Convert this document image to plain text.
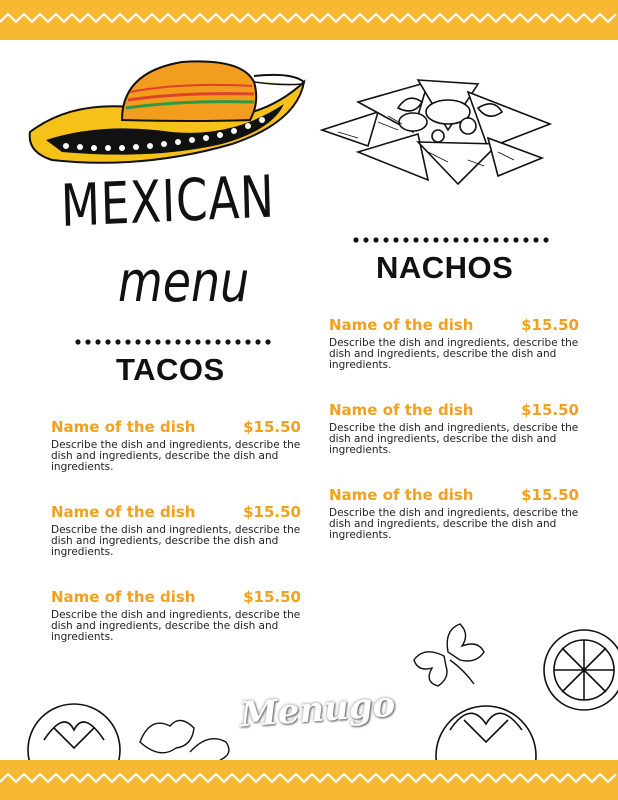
MEXICAN
menu	NACHOS
TACOS
Name of the dish	$15.50
Describe the dish and ingredients, describe the dish and ingredients, describe the dish and ingredients.
Name of the dish	$15.50
Describe the dish and ingredients, describe the dish and ingredients, describe the dish and ingredients.
Name of the dish	$15.50
Describe the dish and ingredients, describe the dish and ingredients, describe the dish and ingredients.
Name of the dish	$15.50
Describe the dish and ingredients, describe the dish and ingredients, describe the dish and ingredients.
Name of the dish	$15.50
Describe the dish and ingredients, describe the dish and ingredients, describe the dish and ingredients.
Name of the dish	$15.50
Describe the dish and ingredients, describe the dish and ingredients, describe the dish and ingredients.
Menugo
